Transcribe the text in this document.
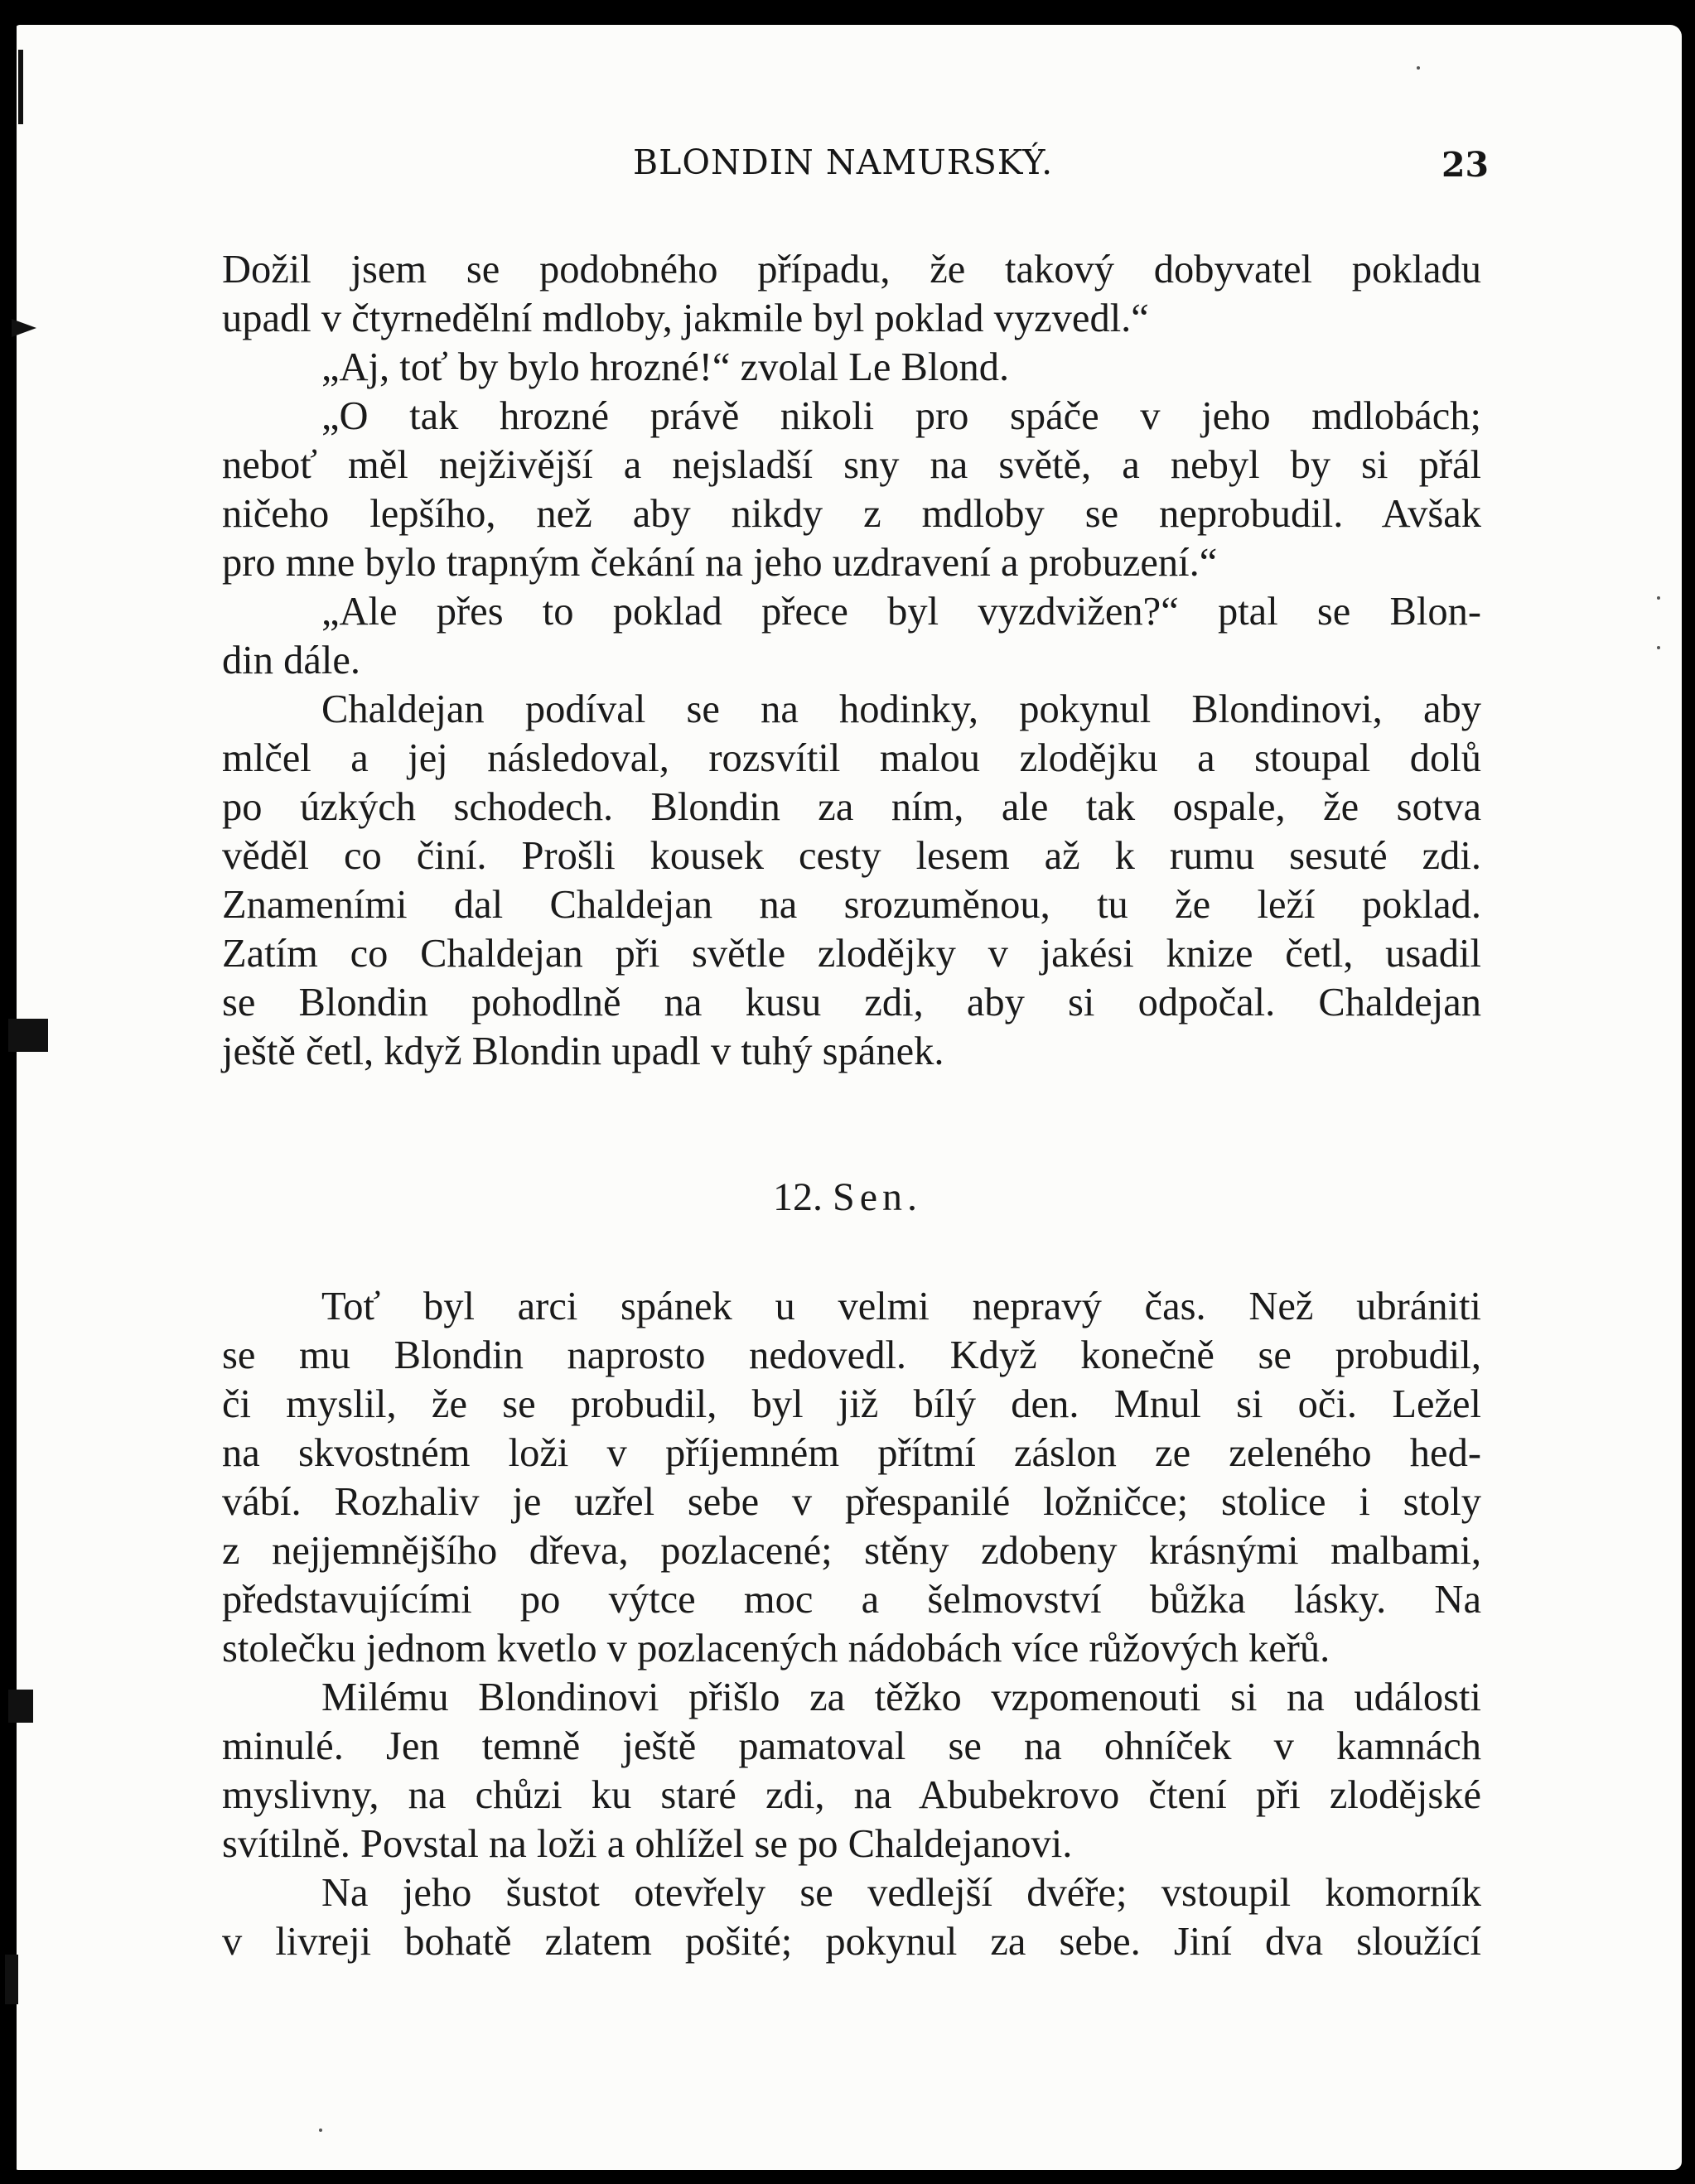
BLONDIN NAMURSKÝ.	23
Dožil jsem se podobného případu, že takový dobyvatel pokladu
upadl v čtyrnedělní mdloby, jakmile byl poklad vyzvedl.“
„Aj, toť by bylo hrozné!“ zvolal Le Blond.
„O tak hrozné právě nikoli pro spáče v jeho mdlobách;
neboť měl nejživější a nejsladší sny na světě, a nebyl by si přál
ničeho lepšího, než aby nikdy z mdloby se neprobudil. Avšak
pro mne bylo trapným čekání na jeho uzdravení a probuzení.“
„Ale přes to poklad přece byl vyzdvižen?“ ptal se Blon-
din dále.
Chaldejan podíval se na hodinky, pokynul Blondinovi, aby
mlčel a jej následoval, rozsvítil malou zlodějku a stoupal dolů
po úzkých schodech. Blondin za ním, ale tak ospale, že sotva
věděl co činí. Prošli kousek cesty lesem až k rumu sesuté zdi.
Znameními dal Chaldejan na srozuměnou, tu že leží poklad.
Zatím co Chaldejan při světle zlodějky v jakési knize četl, usadil
se Blondin pohodlně na kusu zdi, aby si odpočal. Chaldejan
ještě četl, když Blondin upadl v tuhý spánek.
12. Sen.
Toť byl arci spánek u velmi nepravý čas. Než ubrániti
se mu Blondin naprosto nedovedl. Když konečně se probudil,
či myslil, že se probudil, byl již bílý den. Mnul si oči. Ležel
na skvostném loži v příjemném přítmí záslon ze zeleného hed-
vábí. Rozhaliv je uzřel sebe v přespanilé ložničce; stolice i stoly
z nejjemnějšího dřeva, pozlacené; stěny zdobeny krásnými malbami,
představujícími po výtce moc a šelmovství bůžka lásky. Na
stolečku jednom kvetlo v pozlacených nádobách více růžových keřů.
Milému Blondinovi přišlo za těžko vzpomenouti si na události
minulé. Jen temně ještě pamatoval se na ohníček v kamnách
myslivny, na chůzi ku staré zdi, na Abubekrovo čtení při zlodějské
svítilně. Povstal na loži a ohlížel se po Chaldejanovi.
Na jeho šustot otevřely se vedlejší dvéře; vstoupil komorník
v livreji bohatě zlatem pošité; pokynul za sebe. Jiní dva sloužící
